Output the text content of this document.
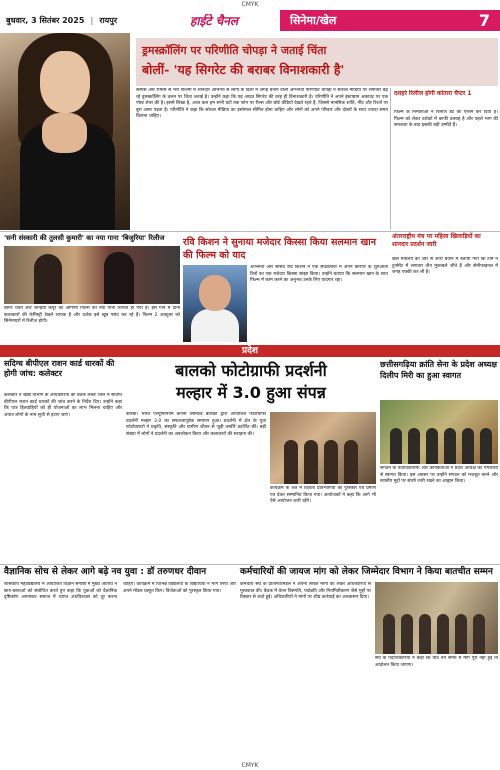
CMYK
बुधवार, 3 सितंबर 2025 | रायपुर	हाईटे चैनल	सिनेमा/खेल	7
ड्रमस्क्रॉलिंग पर परिणीति चोपड़ा ने जताई चिंता
बोलीं- 'यह सिगरेट की बराबर विनाशकारी है'
सस्पेंस और रोमांस से भरी फिल्मों में शानदार अभिनय से लोगों के दिलों में जगह बनाने वाली अभिनेत्री परिणीति चोपड़ा ने सोशल मीडिया पर लगातार बढ़ रहे डूमस्क्रॉलिंग के चलन पर चिंता जताई है। उन्होंने कहा कि यह आदत सिगरेट की तरह ही विनाशकारी है। परिणीति ने अपने इंस्टाग्राम अकाउंट पर एक पोस्ट शेयर की है। इसमें लिखा है, आज कल हम सभी घंटों तक फोन पर रील्स और छोटे वीडियो देखते रहते हैं, जिससे मानसिक शांति, नींद और रिश्तों पर बुरा असर पड़ता है। परिणीति ने कहा कि सोशल मीडिया का इस्तेमाल सीमित होना चाहिए और लोगों को अपने परिवार और दोस्तों के साथ ज्यादा समय बिताना चाहिए।
दशहरे रिलीज होगी कांतारा चैप्टर 1
फिल्म के निर्माताओं ने रिलीज डेट का ऐलान कर दिया है। फिल्म को लेकर दर्शकों में काफी उत्साह है और पहले भाग की सफलता के बाद इसकी बड़ी उम्मीदें हैं।
'सनी संस्कारी की तुलसी कुमारी' का नया गाना 'बिजुरिया' रिलीज
वरुण धवन और जान्हवी कपूर की आगामी फिल्म का नया गाना रिलीज हो गया है। इस गाने में दोनों कलाकारों की केमिस्ट्री देखने लायक है और दर्शक इसे खूब पसंद कर रहे हैं। फिल्म 2 अक्टूबर को सिनेमाघरों में रिलीज होगी।
रवि किशन ने सुनाया मजेदार किस्सा किया सलमान खान की फिल्म को याद
अभिनेता और सांसद रवि किशन ने एक साक्षात्कार में अपने करियर के शुरुआती दिनों का एक मजेदार किस्सा साझा किया। उन्होंने बताया कि सलमान खान के साथ फिल्म में काम करने का अनुभव उनके लिए यादगार रहा।
अंतरराष्ट्रीय मंच पर महिला खिलाड़ियों का शानदार प्रदर्शन जारी
खेल मंत्रालय की ओर से जारी बयान में बताया गया कि टीम ने टूर्नामेंट में लगातार तीन मुकाबले जीते हैं और सेमीफाइनल में जगह पक्की कर ली है।
प्रदेश
सदिग्ध बीपीएल राशन कार्ड धारकों की होगी जांच: कलेक्टर
कलेक्टर ने खाद्य विभाग के अधिकारियों की बैठक लेकर जिले में संदिग्ध बीपीएल राशन कार्ड धारकों की जांच करने के निर्देश दिए। उन्होंने कहा कि पात्र हितग्राहियों को ही योजनाओं का लाभ मिलना चाहिए और अपात्र लोगों के नाम सूची से हटाए जाएं।
बालको फोटोग्राफी प्रदर्शनी
मल्हार में 3.0 हुआ संपन्न
कोरबा। भारत एल्यूमिनियम कंपनी लिमिटेड बालको द्वारा आयोजित फोटोग्राफी प्रदर्शनी मल्हार 3.0 का सफलतापूर्वक समापन हुआ। प्रदर्शनी में क्षेत्र के युवा फोटोग्राफरों ने प्रकृति, संस्कृति और ग्रामीण जीवन से जुड़ी तस्वीरें प्रदर्शित कीं। बड़ी संख्या में लोगों ने प्रदर्शनी का अवलोकन किया और कलाकारों की सराहना की।
कार्यक्रम के अंत में विजेता प्रतिभागियों को पुरस्कार एवं प्रमाण पत्र देकर सम्मानित किया गया। आयोजकों ने कहा कि आगे भी ऐसे आयोजन जारी रहेंगे।
छत्तीसगढ़िया क्रांति सेना के प्रदेश अध्यक्ष दिलीप मिरी का हुआ स्वागत
संगठन के पदाधिकारियों और कार्यकर्ताओं ने प्रदेश अध्यक्ष का गर्मजोशी से स्वागत किया। इस अवसर पर उन्होंने संगठन को मजबूत करने और स्थानीय मुद्दों पर संघर्ष जारी रखने का आह्वान किया।
वैज्ञानिक सोच से लेकर आगे बढ़े नव युवा : डॉ तरुणधर दीवान
शासकीय महाविद्यालय में आयोजित विज्ञान संगोष्ठी में मुख्य अतिथि ने छात्र-छात्राओं को संबोधित करते हुए कहा कि युवाओं को वैज्ञानिक दृष्टिकोण अपनाकर समाज में व्याप्त अंधविश्वास को दूर करना चाहिए। कार्यक्रम में विभिन्न विद्यालयों के विद्यार्थियों ने भाग लिया और अपने मॉडल प्रस्तुत किए। विजेताओं को पुरस्कृत किया गया।
कर्मचारियों की जायज मांग को लेकर जिम्मेदार विभाग ने किया बातचीत सम्मन
कर्मचारी संघ के प्रतिनिधिमंडल ने अपनी लंबित मांगों को लेकर अधिकारियों से मुलाकात की। बैठक में वेतन विसंगति, पदोन्नति और नियमितीकरण जैसे मुद्दों पर विस्तार से चर्चा हुई। अधिकारियों ने मांगों पर शीघ्र कार्रवाई का आश्वासन दिया।
संघ के पदाधिकारियों ने कहा कि यदि तय समय में मांगें पूरी नहीं हुईं तो आंदोलन किया जाएगा।
CMYK
